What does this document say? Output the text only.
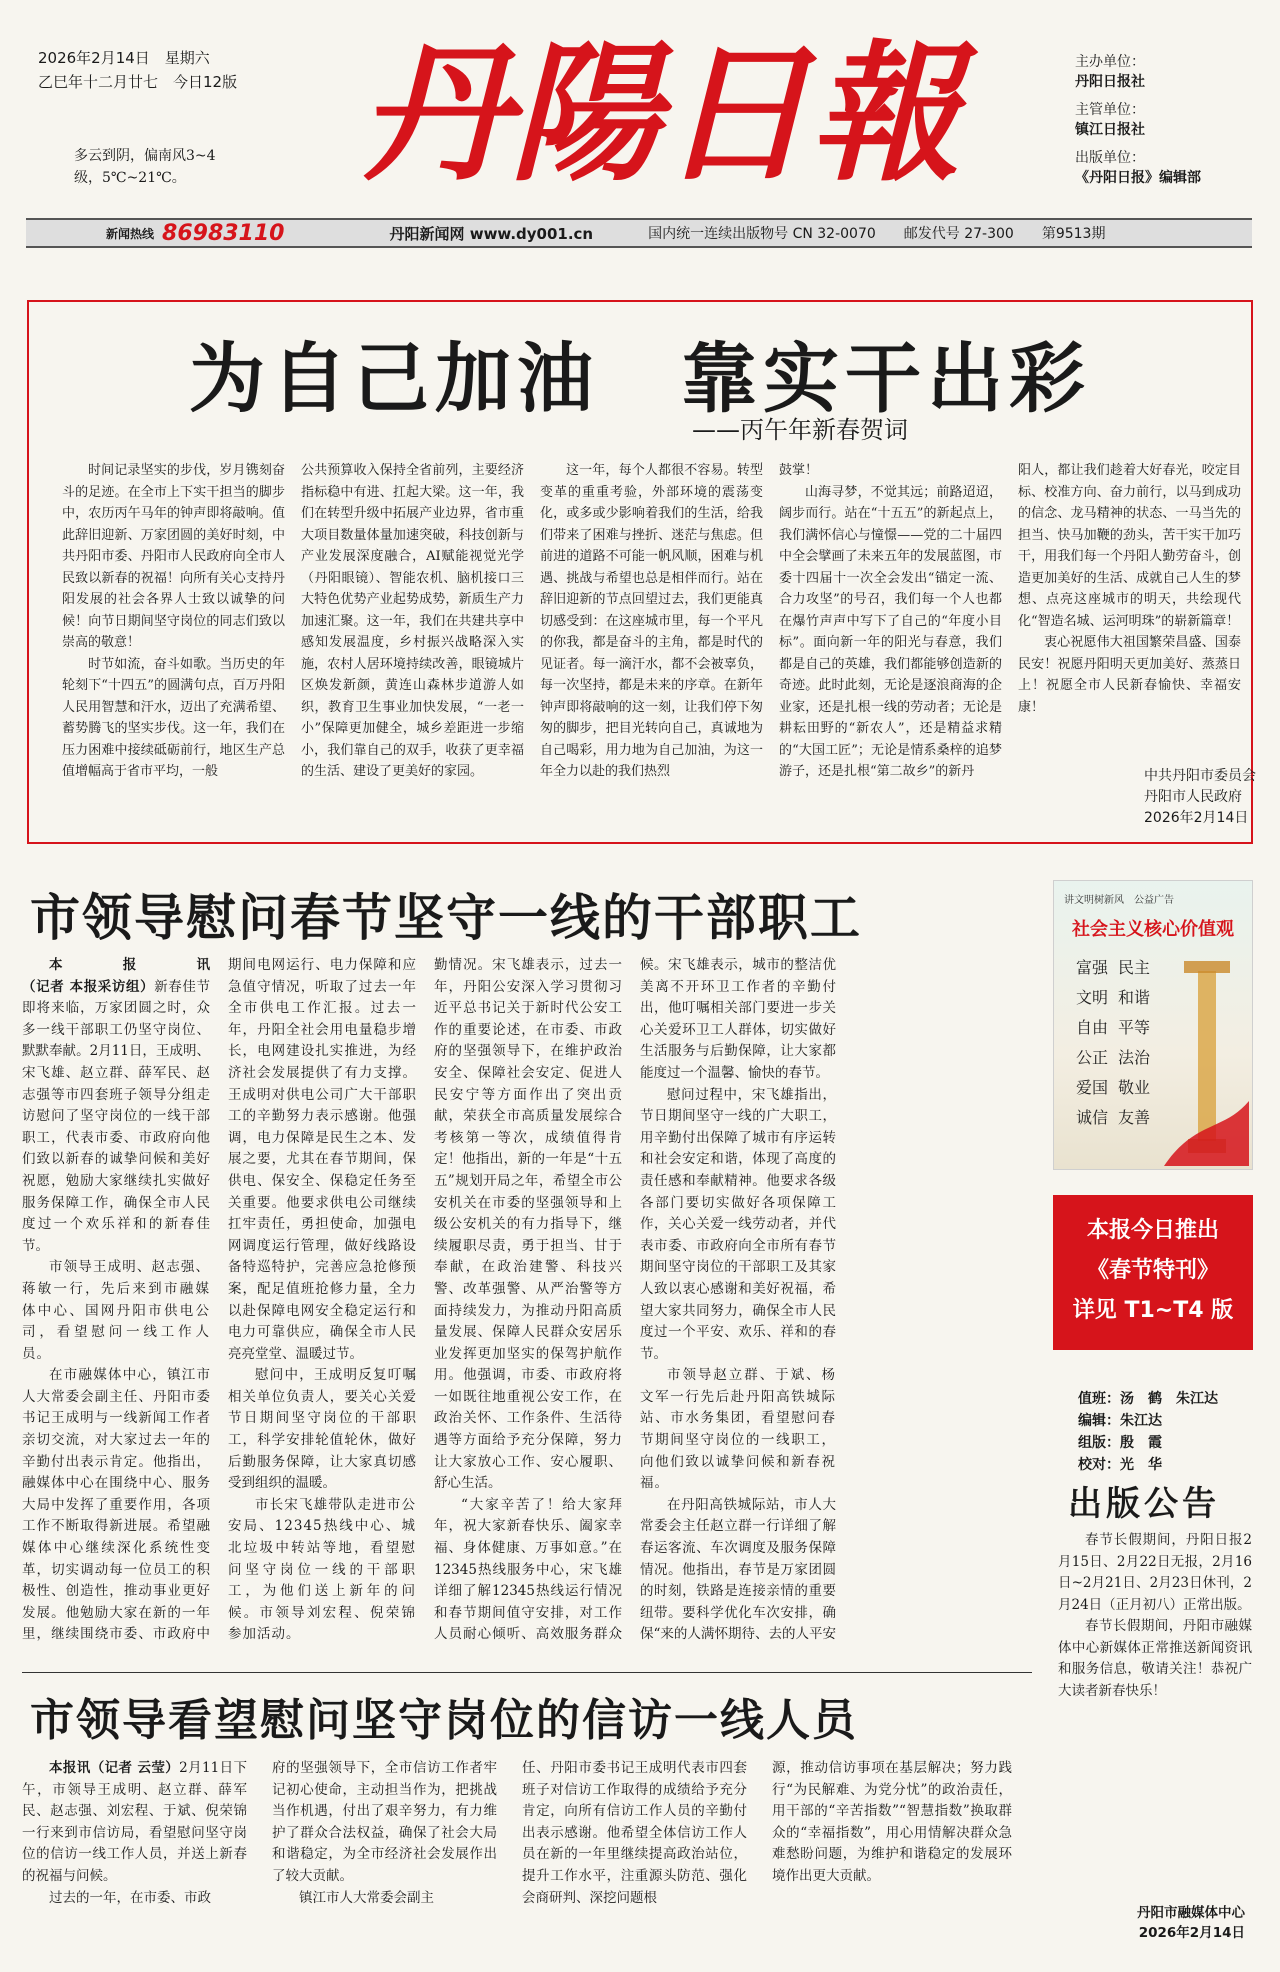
2026年2月14日　星期六
乙巳年十二月廿七　今日12版
多云到阴，偏南风3~4级，5℃~21℃。	丹陽日報	主办单位：
丹阳日报社
主管单位：
镇江日报社
出版单位：
《丹阳日报》编辑部
新闻热线 86983110	丹阳新闻网 www.dy001.cn	国内统一连续出版物号 CN 32-0070 邮发代号 27-300 第9513期
为自己加油　靠实干出彩
——丙午年新春贺词

时间记录坚实的步伐，岁月镌刻奋斗的足迹。在全市上下实干担当的脚步中，农历丙午马年的钟声即将敲响。值此辞旧迎新、万家团圆的美好时刻，中共丹阳市委、丹阳市人民政府向全市人民致以新春的祝福！向所有关心支持丹阳发展的社会各界人士致以诚挚的问候！向节日期间坚守岗位的同志们致以崇高的敬意！

时节如流，奋斗如歌。当历史的年轮刻下“十四五”的圆满句点，百万丹阳人民用智慧和汗水，迈出了充满希望、蓄势腾飞的坚实步伐。这一年，我们在压力困难中接续砥砺前行，地区生产总值增幅高于省市平均，一般

公共预算收入保持全省前列，主要经济指标稳中有进、扛起大梁。这一年，我们在转型升级中拓展产业边界，省市重大项目数量体量加速突破，科技创新与产业发展深度融合，AI赋能视觉光学（丹阳眼镜）、智能农机、脑机接口三大特色优势产业起势成势，新质生产力加速汇聚。这一年，我们在共建共享中感知发展温度，乡村振兴战略深入实施，农村人居环境持续改善，眼镜城片区焕发新颜，黄连山森林步道游人如织，教育卫生事业加快发展，“一老一小”保障更加健全，城乡差距进一步缩小，我们靠自己的双手，收获了更幸福的生活、建设了更美好的家园。

这一年，每个人都很不容易。转型变革的重重考验，外部环境的震荡变化，或多或少影响着我们的生活，给我们带来了困难与挫折、迷茫与焦虑。但前进的道路不可能一帆风顺，困难与机遇、挑战与希望也总是相伴而行。站在辞旧迎新的节点回望过去，我们更能真切感受到：在这座城市里，每一个平凡的你我，都是奋斗的主角，都是时代的见证者。每一滴汗水，都不会被辜负，每一次坚持，都是未来的序章。在新年钟声即将敲响的这一刻，让我们停下匆匆的脚步，把目光转向自己，真诚地为自己喝彩，用力地为自己加油，为这一年全力以赴的我们热烈

鼓掌！

山海寻梦，不觉其远；前路迢迢，阔步而行。站在“十五五”的新起点上，我们满怀信心与憧憬——党的二十届四中全会擘画了未来五年的发展蓝图，市委十四届十一次全会发出“锚定一流、合力攻坚”的号召，我们每一个人也都在爆竹声声中写下了自己的“年度小目标”。面向新一年的阳光与春意，我们都是自己的英雄，我们都能够创造新的奇迹。此时此刻，无论是逐浪商海的企业家，还是扎根一线的劳动者；无论是耕耘田野的“新农人”，还是精益求精的“大国工匠”；无论是情系桑梓的追梦游子，还是扎根“第二故乡”的新丹

阳人，都让我们趁着大好春光，咬定目标、校准方向、奋力前行，以马到成功的信念、龙马精神的状态、一马当先的担当、快马加鞭的劲头，苦干实干加巧干，用我们每一个丹阳人勤劳奋斗，创造更加美好的生活、成就自己人生的梦想、点亮这座城市的明天，共绘现代化“智造名城、运河明珠”的崭新篇章！

衷心祝愿伟大祖国繁荣昌盛、国泰民安！祝愿丹阳明天更加美好、蒸蒸日上！祝愿全市人民新春愉快、幸福安康！

中共丹阳市委员会
丹阳市人民政府
2026年2月14日
市领导慰问春节坚守一线的干部职工

本报讯（记者 本报采访组）新春佳节即将来临，万家团圆之时，众多一线干部职工仍坚守岗位、默默奉献。2月11日，王成明、宋飞雄、赵立群、薛军民、赵志强等市四套班子领导分组走访慰问了坚守岗位的一线干部职工，代表市委、市政府向他们致以新春的诚挚问候和美好祝愿，勉励大家继续扎实做好服务保障工作，确保全市人民度过一个欢乐祥和的新春佳节。

市领导王成明、赵志强、蒋敏一行，先后来到市融媒体中心、国网丹阳市供电公司，看望慰问一线工作人员。

在市融媒体中心，镇江市人大常委会副主任、丹阳市委书记王成明与一线新闻工作者亲切交流，对大家过去一年的辛勤付出表示肯定。他指出，融媒体中心在围绕中心、服务大局中发挥了重要作用，各项工作不断取得新进展。希望融媒体中心继续深化系统性变革，切实调动每一位员工的积极性、创造性，推动事业更好发展。他勉励大家在新的一年里，继续围绕市委、市政府中

期间电网运行、电力保障和应急值守情况，听取了过去一年全市供电工作汇报。过去一年，丹阳全社会用电量稳步增长，电网建设扎实推进，为经济社会发展提供了有力支撑。王成明对供电公司广大干部职工的辛勤努力表示感谢。他强调，电力保障是民生之本、发展之要，尤其在春节期间，保供电、保安全、保稳定任务至关重要。他要求供电公司继续扛牢责任，勇担使命，加强电网调度运行管理，做好线路设备特巡特护，完善应急抢修预案，配足值班抢修力量，全力以赴保障电网安全稳定运行和电力可靠供应，确保全市人民亮亮堂堂、温暖过节。

慰问中，王成明反复叮嘱相关单位负责人，要关心关爱节日期间坚守岗位的干部职工，科学安排轮值轮休，做好后勤服务保障，让大家真切感受到组织的温暖。

市长宋飞雄带队走进市公安局、12345热线中心、城北垃圾中转站等地，看望慰问坚守岗位一线的干部职工，为他们送上新年的问候。市领导刘宏程、倪荣锦参加活动。

勤情况。宋飞雄表示，过去一年，丹阳公安深入学习贯彻习近平总书记关于新时代公安工作的重要论述，在市委、市政府的坚强领导下，在维护政治安全、保障社会安定、促进人民安宁等方面作出了突出贡献，荣获全市高质量发展综合考核第一等次，成绩值得肯定！他指出，新的一年是“十五五”规划开局之年，希望全市公安机关在市委的坚强领导和上级公安机关的有力指导下，继续履职尽责，勇于担当、甘于奉献，在政治建警、科技兴警、改革强警、从严治警等方面持续发力，为推动丹阳高质量发展、保障人民群众安居乐业发挥更加坚实的保驾护航作用。他强调，市委、市政府将一如既往地重视公安工作，在政治关怀、工作条件、生活待遇等方面给予充分保障，努力让大家放心工作、安心履职、舒心生活。

“大家辛苦了！给大家拜年，祝大家新春快乐、阖家幸福、身体健康、万事如意。”在12345热线服务中心，宋飞雄详细了解12345热线运行情况和春节期间值守安排，对工作人员耐心倾听、高效服务群众

候。宋飞雄表示，城市的整洁优美离不开环卫工作者的辛勤付出，他叮嘱相关部门要进一步关心关爱环卫工人群体，切实做好生活服务与后勤保障，让大家都能度过一个温馨、愉快的春节。

慰问过程中，宋飞雄指出，节日期间坚守一线的广大职工，用辛勤付出保障了城市有序运转和社会安定和谐，体现了高度的责任感和奉献精神。他要求各级各部门要切实做好各项保障工作，关心关爱一线劳动者，并代表市委、市政府向全市所有春节期间坚守岗位的干部职工及其家人致以衷心感谢和美好祝福，希望大家共同努力，确保全市人民度过一个平安、欢乐、祥和的春节。

市领导赵立群、于斌、杨文军一行先后赴丹阳高铁城际站、市水务集团，看望慰问春节期间坚守岗位的一线职工，向他们致以诚挚问候和新春祝福。

在丹阳高铁城际站，市人大常委会主任赵立群一行详细了解春运客流、车次调度及服务保障情况。他指出，春节是万家团圆的时刻，铁路是连接亲情的重要纽带。要科学优化车次安排，确保“来的人满怀期待、去的人平安

讲文明树新风　公益广告
社会主义核心价值观
富强 民主
文明 和谐
自由 平等
公正 法治
爱国 敬业
诚信 友善
本报今日推出
《春节特刊》
详见 T1~T4 版
值班：汤　鹤　朱江达
编辑：朱江达
组版：殷　霞
校对：光　华
出版公告

春节长假期间，丹阳日报2月15日、2月22日无报，2月16日~2月21日、2月23日休刊，2月24日（正月初八）正常出版。

春节长假期间，丹阳市融媒体中心新媒体正常推送新闻资讯和服务信息，敬请关注！恭祝广大读者新春快乐！

丹阳市融媒体中心
2026年2月14日
市领导看望慰问坚守岗位的信访一线人员

本报讯（记者 云莹）2月11日下午，市领导王成明、赵立群、薛军民、赵志强、刘宏程、于斌、倪荣锦一行来到市信访局，看望慰问坚守岗位的信访一线工作人员，并送上新春的祝福与问候。

过去的一年，在市委、市政

府的坚强领导下，全市信访工作者牢记初心使命，主动担当作为，把挑战当作机遇，付出了艰辛努力，有力维护了群众合法权益，确保了社会大局和谐稳定，为全市经济社会发展作出了较大贡献。

镇江市人大常委会副主

任、丹阳市委书记王成明代表市四套班子对信访工作取得的成绩给予充分肯定，向所有信访工作人员的辛勤付出表示感谢。他希望全体信访工作人员在新的一年里继续提高政治站位，提升工作水平，注重源头防范、强化会商研判、深挖问题根

源，推动信访事项在基层解决；努力践行“为民解难、为党分忧”的政治责任，用干部的“辛苦指数”“智慧指数”换取群众的“幸福指数”，用心用情解决群众急难愁盼问题，为维护和谐稳定的发展环境作出更大贡献。
